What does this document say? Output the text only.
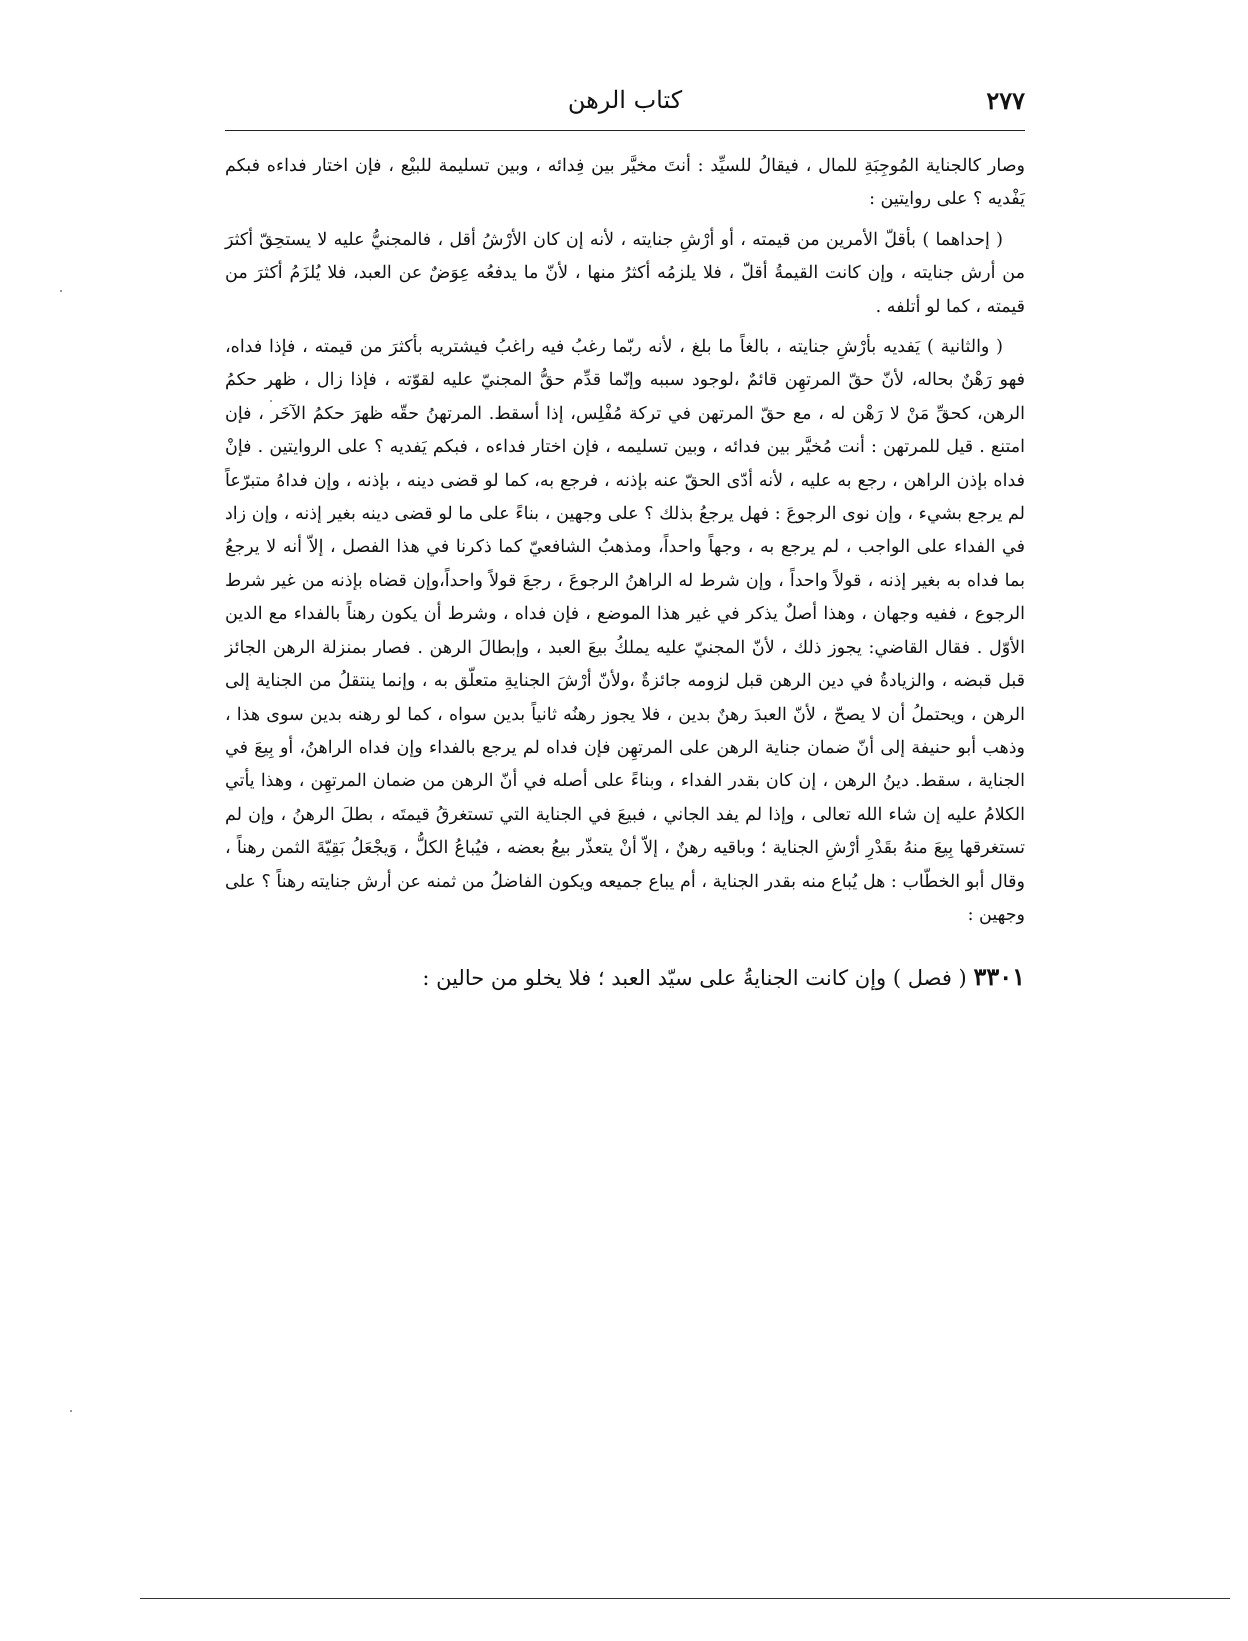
كتاب الرهن	٢٧٧

وصار كالجناية المُوجِبَةِ للمال ، فيقالُ للسيِّد : أنتَ مخيَّر بين فِدائه ، وبين تسليمة للبيْع ، فإن اختار فداءه فبكم يَفْديه ؟ على روايتين :

( إحداهما ) بأقلّ الأمرين من قيمته ، أو أرْشِ جنايته ، لأنه إن كان الأرْشُ أقل ، فالمجنيُّ عليه لا يستحِقّ أكثرَ من أرش جنايته ، وإن كانت القيمةُ أقلّ ، فلا يلزمُه أكثرُ منها ، لأنّ ما يدفعُه عِوَضٌ عن العبد، فلا يُلزَمُ أكثرَ من قيمته ، كما لو أتلفه .

( والثانية ) يَفديه بأرْشِ جنايته ، بالغاً ما بلغ ، لأنه ربّما رغبُ فيه راغبُ فيشتريه بأكثرَ من قيمته ، فإذا فداه، فهو رَهْنٌ بحاله، لأنّ حقّ المرتهِن قائمٌ ،لوجود سببه وإنّما قدِّم حقُّ المجنيّ عليه لقوّته ، فإذا زال ، ظهر حكمُ الرهن، كحقِّ مَنْ لا رَهْن له ، مع حقّ المرتهن في تركة مُفْلِس، إذا أسقط. المرتهنُ حقّه ظهرَ حكمُ الآخَر ، فإن امتنع . قيل للمرتهن : أنت مُخيَّر بين فدائه ، وبين تسليمه ، فإن اختار فداءه ، فبكم يَفديه ؟ على الروايتين . فإنْ فداه بإذن الراهن ، رجع به عليه ، لأنه أدّى الحقّ عنه بإذنه ، فرجع به، كما لو قضى دينه ، بإذنه ، وإن فداهُ متبرّعاً لم يرجع بشيء ، وإن نوى الرجوعَ : فهل يرجعُ بذلك ؟ على وجهين ، بناءً على ما لو قضى دينه بغير إذنه ، وإن زاد في الفداء على الواجب ، لم يرجع به ، وجهاً واحداً، ومذهبُ الشافعيّ كما ذكرنا في هذا الفصل ، إلاّ أنه لا يرجعُ بما فداه به بغير إذنه ، قولاً واحداً ، وإن شرط له الراهنُ الرجوعَ ، رجعَ قولاً واحداً،وإن قضاه بإذنه من غير شرط الرجوع ، ففيه وجهان ، وهذا أصلٌ يذكر في غير هذا الموضع ، فإن فداه ، وشرط أن يكون رهناً بالفداء مع الدين الأوّل . فقال القاضي: يجوز ذلك ، لأنّ المجنيّ عليه يملكُ بيعَ العبد ، وإبطالَ الرهن . فصار بمنزلة الرهن الجائز قبل قبضه ، والزيادةُ في دين الرهن قبل لزومه جائزةٌ ،ولأنّ أرْشَ الجنايةِ متعلّق به ، وإنما ينتقلُ من الجناية إلى الرهن ، ويحتملُ أن لا يصحّ ، لأنّ العبدَ رهنٌ بدين ، فلا يجوز رهنُه ثانياً بدين سواه ، كما لو رهنه بدين سوى هذا ، وذهب أبو حنيفة إلى أنّ ضمان جناية الرهن على المرتهِن فإن فداه لم يرجع بالفداء وإن فداه الراهنُ، أو بِيعَ في الجناية ، سقط. دينُ الرهن ، إن كان بقدر الفداء ، وبناءً على أصله في أنّ الرهن من ضمان المرتهِن ، وهذا يأتي الكلامُ عليه إن شاء الله تعالى ، وإذا لم يفد الجاني ، فبيعَ في الجناية التي تستغرقُ قيمتَه ، بطلَ الرهنُ ، وإن لم تستغرقها بِيعَ منهُ بقَدْرِ أرْشِ الجناية ؛ وباقيه رهنٌ ، إلاّ أنْ يتعذّر بيعُ بعضه ، فيُباعُ الكلُّ ، وَيجْعَلُ بَقِيّةَ الثمن رهناً ، وقال أبو الخطّاب : هل يُباع منه بقدر الجناية ، أم يباع جميعه ويكون الفاضلُ من ثمنه عن أرش جنايته رهناً ؟ على وجهين :

٣٣٠١ ( فصل ) وإن كانت الجنايةُ على سيّد العبد ؛ فلا يخلو من حالين :
